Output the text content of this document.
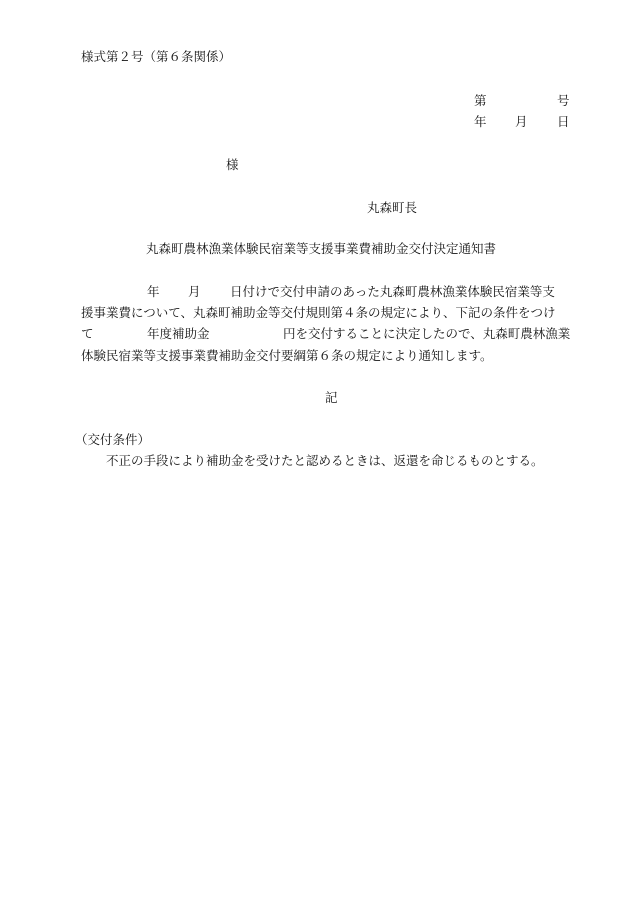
様式第２号（第６条関係）
第	号
年 月 日
様
丸森町長
丸森町農林漁業体験民宿業等支援事業費補助金交付決定通知書
年 月 日付けで交付申請のあった丸森町農林漁業体験民宿業等支
援事業費について、丸森町補助金等交付規則第４条の規定により、下記の条件をつけ
て	年度補助金	円を交付することに決定したので、丸森町農林漁業
体験民宿業等支援事業費補助金交付要綱第６条の規定により通知します。
記
（交付条件）
不正の手段により補助金を受けたと認めるときは、返還を命じるものとする。
